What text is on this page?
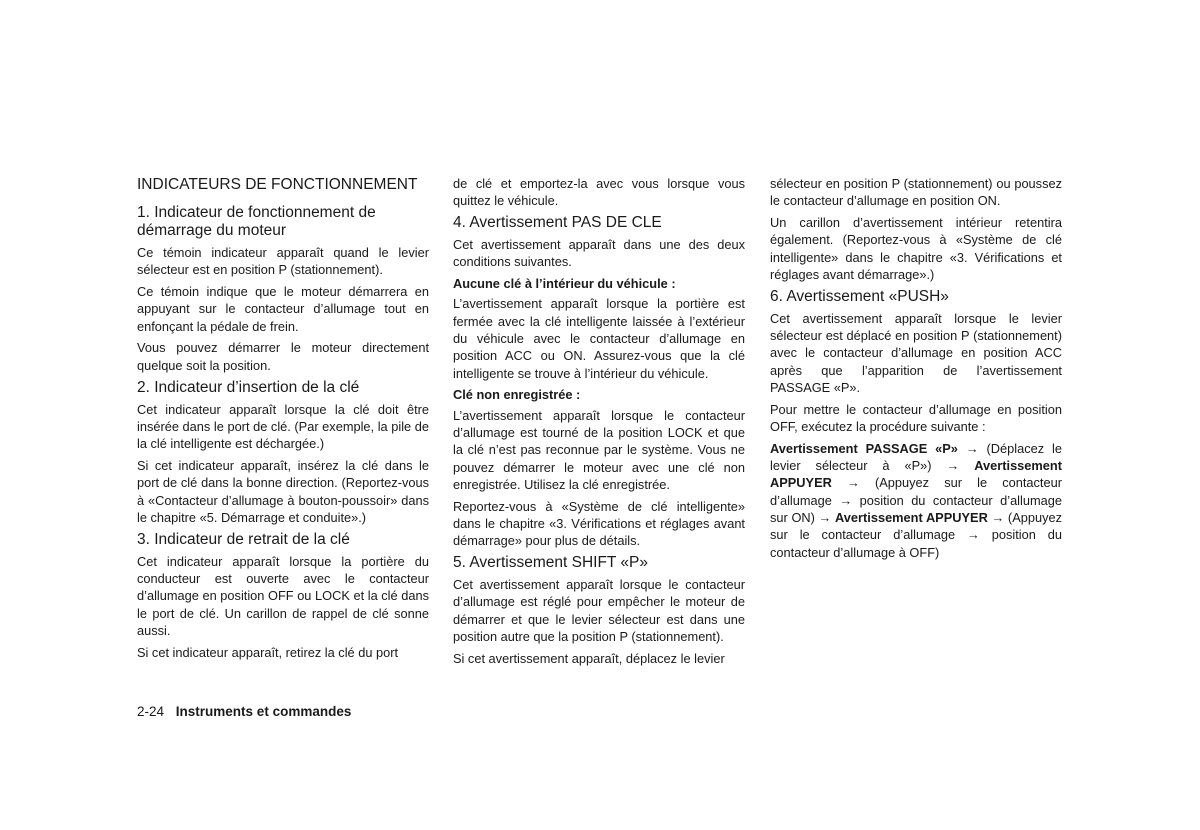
INDICATEURS DE FONCTIONNEMENT
1. Indicateur de fonctionnement de démarrage du moteur

Ce témoin indicateur apparaît quand le levier sélecteur est en position P (stationnement).

Ce témoin indique que le moteur démarrera en appuyant sur le contacteur d’allumage tout en enfonçant la pédale de frein.

Vous pouvez démarrer le moteur directement quelque soit la position.

2. Indicateur d’insertion de la clé

Cet indicateur apparaît lorsque la clé doit être insérée dans le port de clé. (Par exemple, la pile de la clé intelligente est déchargée.)

Si cet indicateur apparaît, insérez la clé dans le port de clé dans la bonne direction. (Reportez-vous à «Contacteur d’allumage à bouton-poussoir» dans le chapitre «5. Démarrage et conduite».)

3. Indicateur de retrait de la clé

Cet indicateur apparaît lorsque la portière du conducteur est ouverte avec le contacteur d’allumage en position OFF ou LOCK et la clé dans le port de clé. Un carillon de rappel de clé sonne aussi.

Si cet indicateur apparaît, retirez la clé du port

de clé et emportez-la avec vous lorsque vous quittez le véhicule.

4. Avertissement PAS DE CLE

Cet avertissement apparaît dans une des deux conditions suivantes.

Aucune clé à l’intérieur du véhicule :

L’avertissement apparaît lorsque la portière est fermée avec la clé intelligente laissée à l’extérieur du véhicule avec le contacteur d’allumage en position ACC ou ON. Assurez-vous que la clé intelligente se trouve à l’intérieur du véhicule.

Clé non enregistrée :

L’avertissement apparaît lorsque le contacteur d’allumage est tourné de la position LOCK et que la clé n’est pas reconnue par le système. Vous ne pouvez démarrer le moteur avec une clé non enregistrée. Utilisez la clé enregistrée.

Reportez-vous à «Système de clé intelligente» dans le chapitre «3. Vérifications et réglages avant démarrage» pour plus de détails.

5. Avertissement SHIFT «P»

Cet avertissement apparaît lorsque le contacteur d’allumage est réglé pour empêcher le moteur de démarrer et que le levier sélecteur est dans une position autre que la position P (stationnement).

Si cet avertissement apparaît, déplacez le levier

sélecteur en position P (stationnement) ou poussez le contacteur d’allumage en position ON.

Un carillon d’avertissement intérieur retentira également. (Reportez-vous à «Système de clé intelligente» dans le chapitre «3. Vérifications et réglages avant démarrage».)

6. Avertissement «PUSH»

Cet avertissement apparaît lorsque le levier sélecteur est déplacé en position P (stationnement) avec le contacteur d’allumage en position ACC après que l’apparition de l’avertissement PASSAGE «P».

Pour mettre le contacteur d’allumage en position OFF, exécutez la procédure suivante :

Avertissement PASSAGE «P» → (Déplacez le levier sélecteur à «P») → Avertissement APPUYER → (Appuyez sur le contacteur d’allumage → position du contacteur d’allumage sur ON) → Avertissement APPUYER → (Appuyez sur le contacteur d’allumage → position du contacteur d’allumage à OFF)

2-24 Instruments et commandes
